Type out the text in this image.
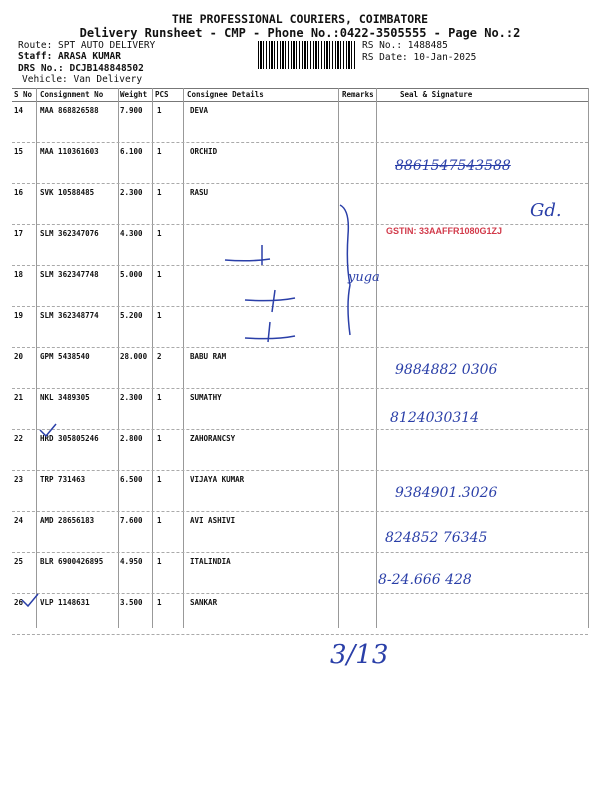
THE PROFESSIONAL COURIERS, COIMBATORE
Delivery Runsheet - CMP - Phone No.:0422-3505555 - Page No.:2
Route: SPT AUTO DELIVERY
Staff: ARASA KUMAR
DRS No.: DCJB148848502
Vehicle: Van Delivery
RS No.: 1488485
RS Date: 10-Jan-2025
S No Consignment No Weight PCS Consignee Details	Remarks	Seal & Signature
14 MAA 868826588	7.900 1	DEVA
15 MAA 110361603	6.100 1	ORCHID
16 SVK 10588485	2.300 1	RASU
17 SLM 362347076	4.300 1
18 SLM 362347748	5.000 1
19 SLM 362348774	5.200 1
20 GPM 5438540	28.000 2	BABU RAM
21 NKL 3489305	2.300 1	SUMATHY
22 HRD 305805246	2.800 1	ZAHORANCSY
23 TRP 731463	6.500 1	VIJAYA KUMAR
24 AMD 28656183	7.600 1	AVI ASHIVI
25 BLR 6900426895 4.950 1	ITALINDIA
26 VLP 1148631	3.500 1	SANKAR
8861547543588
GSTIN: 33AAFFR1080G1ZJ
Gd.
yuga
9884882 0306
8124030314
9384901.3026
824852 76345
8-24.666 428
3/13
